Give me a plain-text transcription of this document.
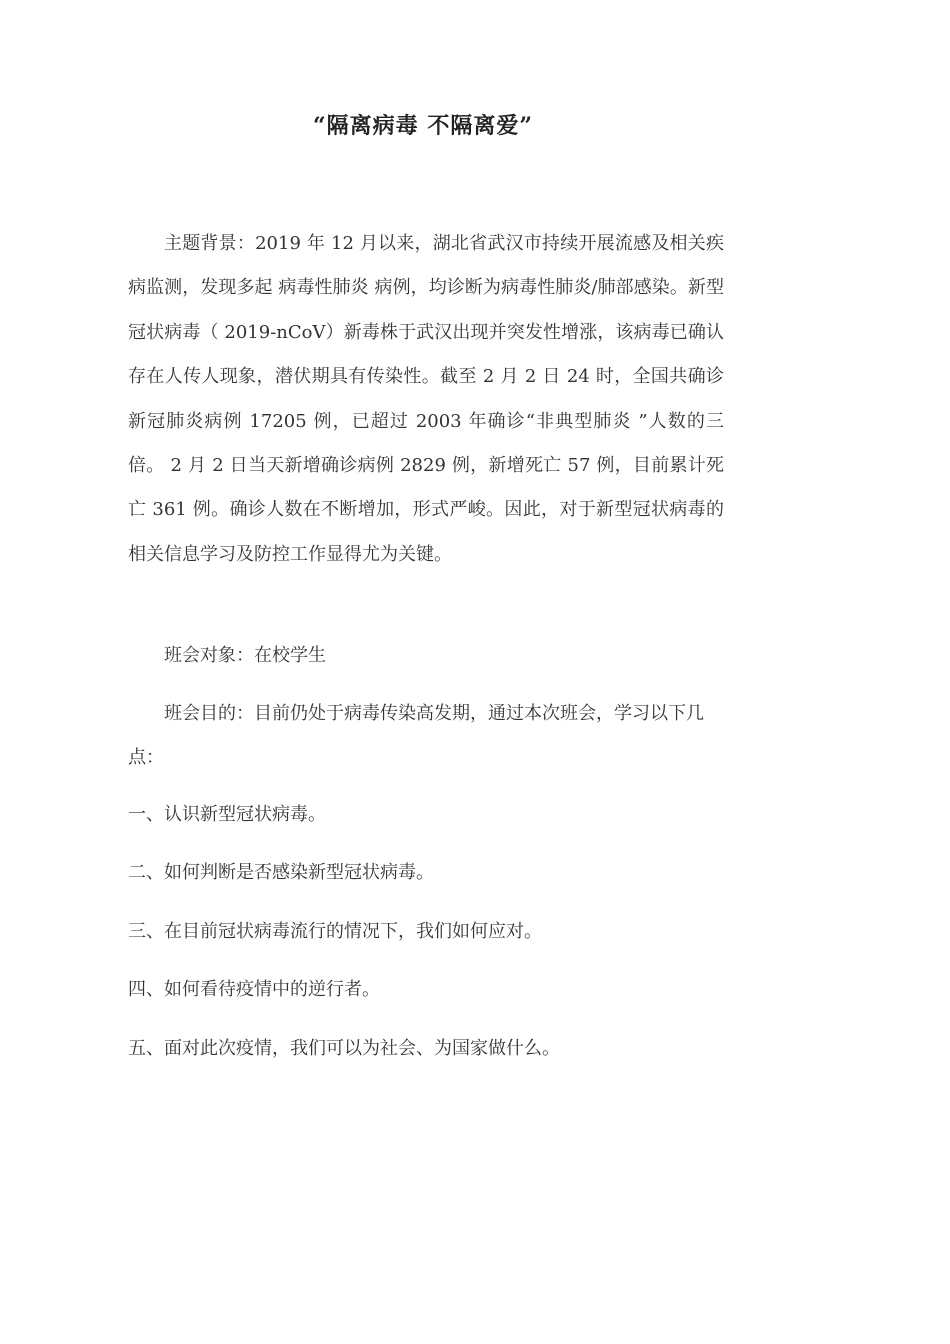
“隔离病毒 不隔离爱”

主题背景：2019 年 12 月以来，湖北省武汉市持续开展流感及相关疾病监测，发现多起 病毒性肺炎 病例，均诊断为病毒性肺炎/肺部感染。新型冠状病毒（ 2019-nCoV）新毒株于武汉出现并突发性增涨，该病毒已确认存在人传人现象，潜伏期具有传染性。截至 2 月 2 日 24 时，全国共确诊新冠肺炎病例 17205 例，已超过 2003 年确诊“非典型肺炎 ”人数的三倍。 2 月 2 日当天新增确诊病例 2829 例，新增死亡 57 例，目前累计死亡 361 例。确诊人数在不断增加，形式严峻。因此，对于新型冠状病毒的相关信息学习及防控工作显得尤为关键。

班会对象：在校学生

班会目的：目前仍处于病毒传染高发期，通过本次班会，学习以下几点：

一、认识新型冠状病毒。
二、如何判断是否感染新型冠状病毒。
三、在目前冠状病毒流行的情况下，我们如何应对。
四、如何看待疫情中的逆行者。
五、面对此次疫情，我们可以为社会、为国家做什么。
